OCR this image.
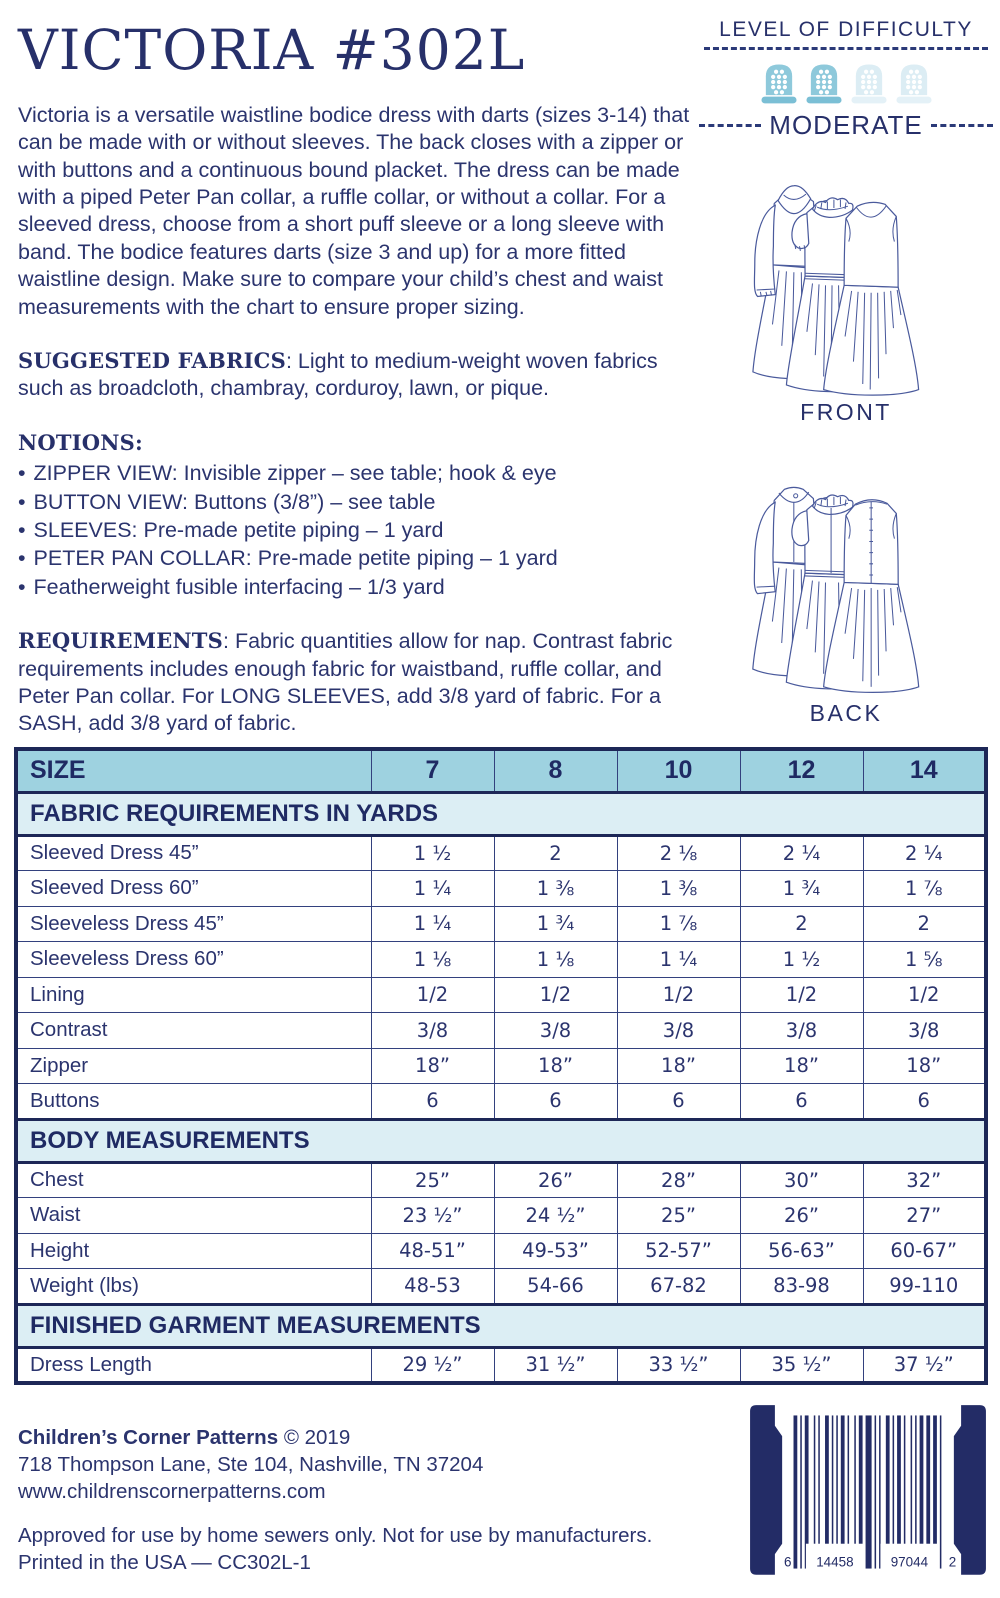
VICTORIA #302L

Victoria is a versatile waistline bodice dress with darts (sizes 3-14) that can be made with or without sleeves. The back closes with a zipper or with buttons and a continuous bound placket. The dress can be made with a piped Peter Pan collar, a ruffle collar, or without a collar. For a sleeved dress, choose from a short puff sleeve or a long sleeve with band. The bodice features darts (size 3 and up) for a more fitted waistline design. Make sure to compare your child’s chest and waist measurements with the chart to ensure proper sizing.

SUGGESTED FABRICS: Light to medium-weight woven fabrics such as broadcloth, chambray, corduroy, lawn, or pique.

NOTIONS:

• ZIPPER VIEW: Invisible zipper – see table; hook & eye
• BUTTON VIEW: Buttons (3/8”) – see table
• SLEEVES: Pre-made petite piping – 1 yard
• PETER PAN COLLAR: Pre-made petite piping – 1 yard
• Featherweight fusible interfacing – 1/3 yard

REQUIREMENTS: Fabric quantities allow for nap. Contrast fabric requirements includes enough fabric for waistband, ruffle collar, and Peter Pan collar. For LONG SLEEVES, add 3/8 yard of fabric. For a SASH, add 3/8 yard of fabric.

LEVEL OF DIFFICULTY
MODERATE
FRONT
BACK
SIZE	7	8	10	12	14
FABRIC REQUIREMENTS IN YARDS					
Sleeved Dress 45”	1 ½	2	2 ⅛	2 ¼	2 ¼
Sleeved Dress 60”	1 ¼	1 ⅜	1 ⅜	1 ¾	1 ⅞
Sleeveless Dress 45”	1 ¼	1 ¾	1 ⅞	2	2
Sleeveless Dress 60”	1 ⅛	1 ⅛	1 ¼	1 ½	1 ⅝
Lining	1/2	1/2	1/2	1/2	1/2
Contrast	3/8	3/8	3/8	3/8	3/8
Zipper	18”	18”	18”	18”	18”
Buttons	6	6	6	6	6
BODY MEASUREMENTS					
Chest	25”	26”	28”	30”	32”
Waist	23 ½”	24 ½”	25”	26”	27”
Height	48-51”	49-53”	52-57”	56-63”	60-67”
Weight (lbs)	48-53	54-66	67-82	83-98	99-110
FINISHED GARMENT MEASUREMENTS					
Dress Length	29 ½”	31 ½”	33 ½”	35 ½”	37 ½”
Children’s Corner Patterns © 2019
718 Thompson Lane, Ste 104, Nashville, TN 37204
www.childrenscornerpatterns.com
Approved for use by home sewers only. Not for use by manufacturers.
Printed in the USA — CC302L-1	6 14458	97044 2
